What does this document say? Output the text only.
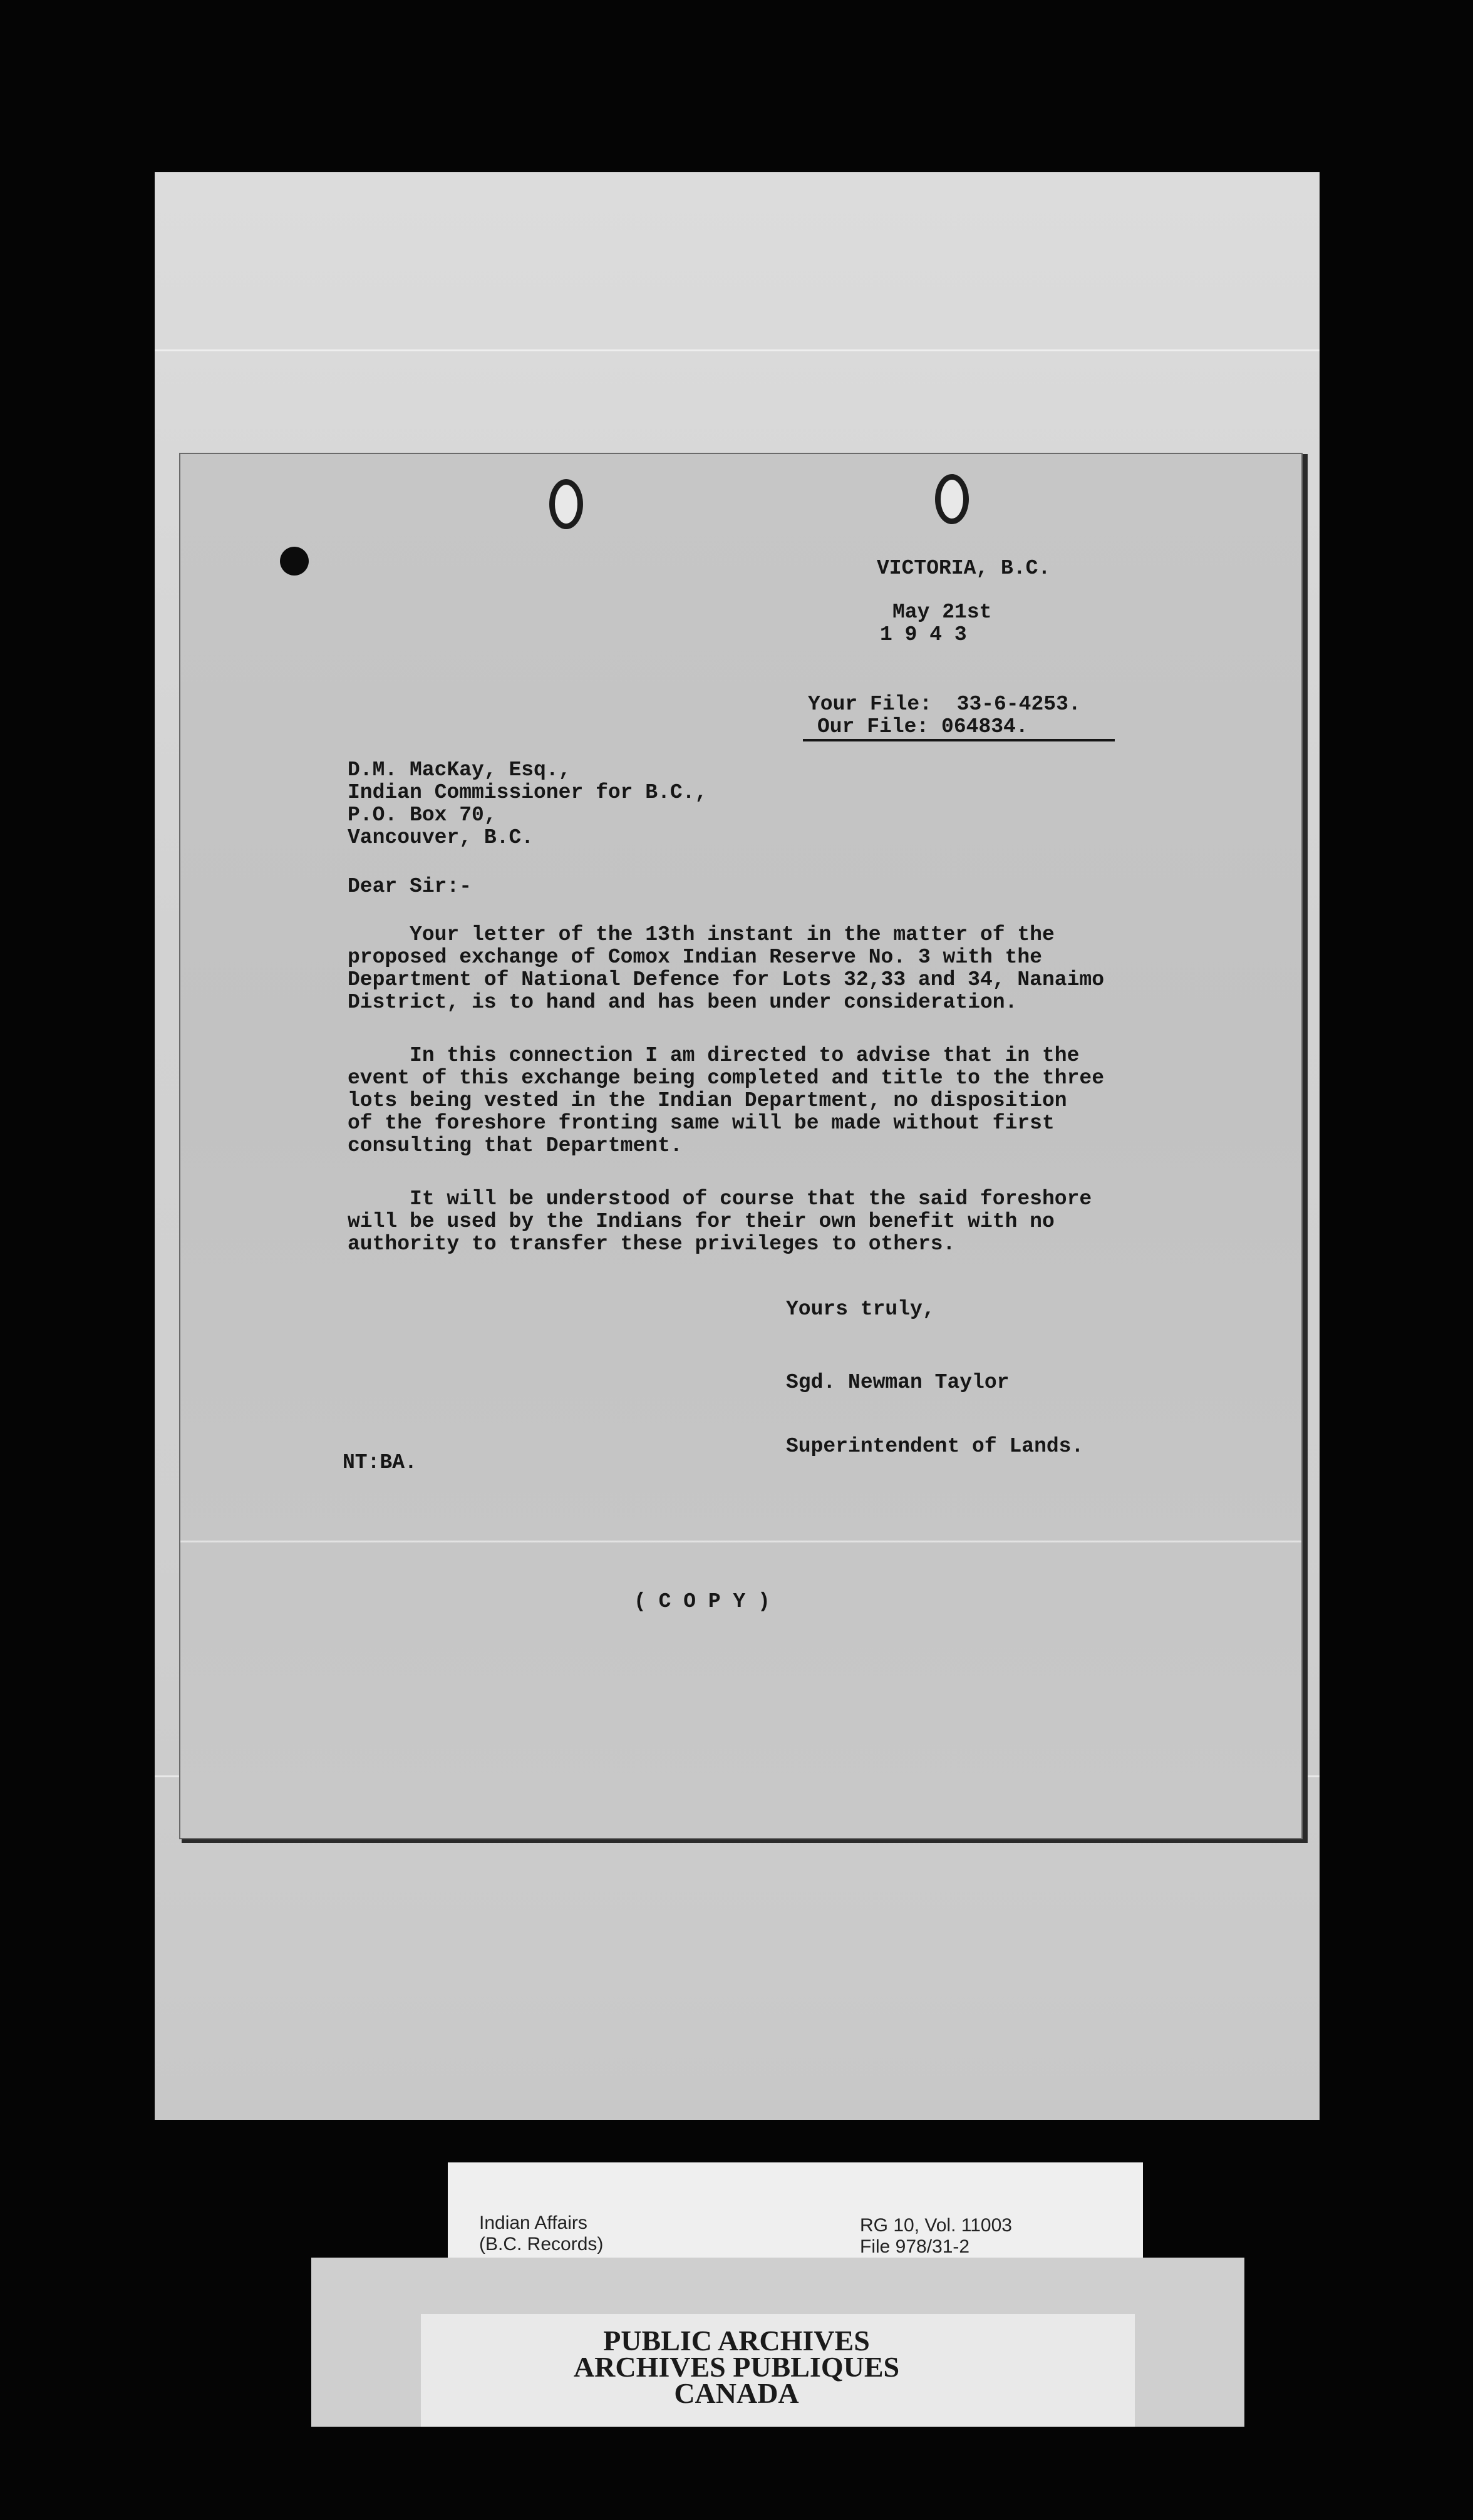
VICTORIA, B.C.
May 21st
1 9 4 3
Your File:  33-6-4253.
Our File: 064834.
D.M. MacKay, Esq.,
Indian Commissioner for B.C.,
P.O. Box 70,
Vancouver, B.C.
Dear Sir:-
Your letter of the 13th instant in the matter of the
proposed exchange of Comox Indian Reserve No. 3 with the
Department of National Defence for Lots 32,33 and 34, Nanaimo
District, is to hand and has been under consideration.
In this connection I am directed to advise that in the
event of this exchange being completed and title to the three
lots being vested in the Indian Department, no disposition
of the foreshore fronting same will be made without first
consulting that Department.
It will be understood of course that the said foreshore
will be used by the Indians for their own benefit with no
authority to transfer these privileges to others.
Yours truly,
Sgd. Newman Taylor
Superintendent of Lands.
NT:BA.
( C O P Y )
Indian Affairs
(B.C. Records)
RG 10, Vol. 11003
File 978/31-2
PUBLIC ARCHIVES
ARCHIVES PUBLIQUES
CANADA
